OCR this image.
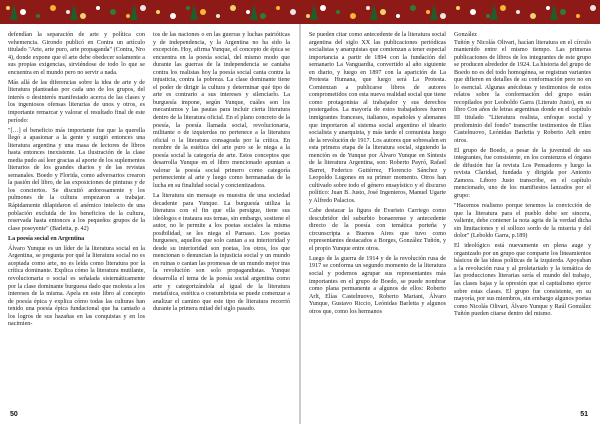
defendían la separación de arte y política con vehemencia. Girondo publicó en Contra un artículo titulado "Arte, arte puro, arte propaganda" (Contra, Nro 4), donde expone que el arte debe obedecer solamente a sus propias exigencias, sirviéndose de todo lo que se encuentra en el mundo pero no servir a nada.

Más allá de las diferencias sobre la idea de arte y de literatura planteadas por cada uno de los grupos, del interés o desinterés manifestado acerca de las clases y los ingeniosos ofensas literarias de unos y otros, es importante remarcar y valorar el resultado final de este período:

"[…] el beneficio más importante fue que la querella llegó a apasionar a la gente y surgió entonces una literatura argentina y una masa de lectores de libros hasta entonces inexistente. La ilustración de la clase media pudo así leer gracias al aporte de los suplementos literarios de los grandes diarios y de las revistas semanales. Boedo y Florida, como adversarios crearon la pasión del libro, de las exposiciones de pinturas y de los conciertos. Se discutió ardorosamente y los pulmones de la cultura empezaron a trabajar. Rápidamente dilapidaron el anémico intelecto de una población excluida de los beneficios de la cultura, reservada hasta entonces a los pequeños grupos de la clase poseyente" (Barletta, p. 42)

La poesía social en Argentina

Álvaro Yunque es un líder de la literatura social en la Argentina, se pregunta por qué la literatura social no es aceptada como arte, no es leída como literatura por la crítica dominante. Explica cómo la literatura mutilante, revolucionaria o social es señalada sistemáticamente por la clase dominante burguesa dado que molesta a los intereses de la misma. Apela en este libro al concepto de poesía épica y explica cómo todas las culturas han tenido una poesía épica fundacional que ha cantado a los logros de sus hazañas en las conquistas y en los nacimien-

tos de las naciones o en las guerras y luchas patrióticas y de independencia, y la Argentina no ha sido la excepción. Hoy, afirma Yunque, el concepto de épica se encuentra en la poesía social, del mismo modo que durante las guerras de la independencia se cantaba contra los realistas hoy la poesía social canta contra la injusticia, contra la pobreza. La clase dominante tiene el poder de dirigir la cultura y determinar qué tipo de arte es contrario a sus intereses y silenciarlo. La burguesía impone, según Yunque, cuáles son los mecanismos y las pautas para incluir cierta literatura dentro de la literatura oficial. En el plano concreto de la poesía, la poesía llamada social, revolucionaria, militante o de izquierdas no pertenece a la literatura oficial o la literatura consagrada por la crítica. En nombre de la estética del arte puro se le niega a la poesía social la categoría de arte. Estos conceptos que desarrolla Yunque en el libro mencionado apuntan a valorar la poesía social primero como categoría perteneciente al arte y luego como hermanadas de la lucha en su finalidad social y concientizadora.

La literatura sin mensaje es muestra de una sociedad decadente para Yunque. La burguesía utiliza la literatura con el fin que ella persigue, tiene sus ideólogos e instaura sus temas, sin embargo, sostiene el autor, no le permite a los poetas sociales la misma posibilidad, se les niega el Parnaso. Los poetas burgueses, aquellos que solo cantan a su interioridad y desde su interioridad son poetas, los otros, los que mencionan o denuncian la injusticia social y un mundo en ruinas o cantan las promesas de un mundo mejor tras la revolución son solo propagandistas. Yunque desarrolla el tema de la poesía social argentina como arte y categorizándola al igual de la literatura metafísica, estética o costumbrista se puede comenzar a analizar el camino que este tipo de literatura recorrió durante la primera mitad del siglo pasado.

50

Se pueden citar como antecedente de la literatura social argentina del siglo XX las publicaciones periódicas socialistas y anarquistas que comienzan a tener especial importancia a partir de 1894 con la fundación del semanario La Vanguardia, convertido al año siguiente en diario, y luego en 1897 con la aparición de La Protesta Humana, que luego será La Protesta. Comienzan a publicarse libros de autores comprometidos con esta nueva realidad social que tiene como protagonista al trabajador y sus derechos postergados. La mayoría de estos trabajadores fueron inmigrantes franceses, italianos, españoles y alemanes que importaron al sistema social argentino el ideario socialista y anarquista, y más tarde el comunista luego de la revolución de 1917. Los autores que sobresalen en esta primera etapa de la literatura social, siguiendo la mención es de Yunque por Álvaro Yunque en Síntesis de la literatura Argentina, son: Roberto Payró, Rafael Barret, Federico Gutiérrez, Florencio Sánchez y Leopoldo Lugones en su primer momento. Otros han cultivado sobre todo el género ensayístico y el discurso político: Juan B. Justo, José Ingenieros, Manuel Ugarte y Alfredo Palacios.

Cabe destacar la figura de Evaristo Carriego como descubridor del suburbio bonaerense y antecedente directo de la poesía con temática porteña y circunscripta a Buenos Aires que tuvo como representantes destacados a Borges, González Tuñón, y el propio Yunque entre otros.

Luego de la guerra de 1914 y de la revolución rusa de 1917 se conforma un segundo momento de la literatura social y podemos agrupar sus representantes más importantes en el grupo de Boedo, se puede nombrar como plana permanente a algunos de ellos: Roberto Arlt, Elías Castelnuovo, Roberto Mariani, Álvaro Yunque, Gustavo Riccio, Leónidas Barletta y algunos otros que, como los hermanos

González

Tuñón y Nicolás Olivari, hacían literatura en el círculo mantenido entre el mismo tiempo. Las primeras publicaciones de libros de los integrantes de este grupo se producen alrededor de 1924. La historia del grupo de Boedo no es del todo homogénea, se registran variantes que difieren en detalles de su conformación pero no en lo esencial. Algunas anécdotas y testimonios de estos relatos sobre la conformación del grupo están recopilados por Leoboldo Garra (Literato Justo), en su libro Con años de letras argentinas donde en el capítulo III titulado "Literatura realista, enfoque social y predominio del fondo" transcribe testimonios de Elías Castelnuovo, Leónidas Barletta y Roberto Arlt entre otros.

El grupo de Boedo, a pesar de la juventud de sus integrantes, fue consistente, en los comienzos el órgano de difusión fue la revista Los Pensadores y luego la revista Claridad, fundada y dirigida por Antonio Zamora. Liboro Justo transcribe, en el capítulo mencionado, uno de los manifiestos lanzados por el grupo:

"Hacemos realismo porque tenemos la convicción de que la literatura para el pueblo debe ser sincera, valiente, debe contener la nota agria de la verdad dicha sin limitaciones y el sollozo sordo de la miseria y del dolor" (Leboldo Garra, p.189)

El ideológico está nuevamente en plena auge y organizado por un grupo que comparte los lineamientos básicos de las ideas políticas de la izquierda. Apoyaban a la revolución rusa y al proletariado y la temática de las producciones literarias sería el mundo del trabajo, las clases bajas y la opresión que el capitalismo ejerce sobre estas clases. El grupo fue consistente, en su mayoría, por sus miembros, sin embargo algunos poetas como Nicolás Olivari, Álvaro Yunque y Raúl González Tuñón pueden citarse dentro del mismo.

51
